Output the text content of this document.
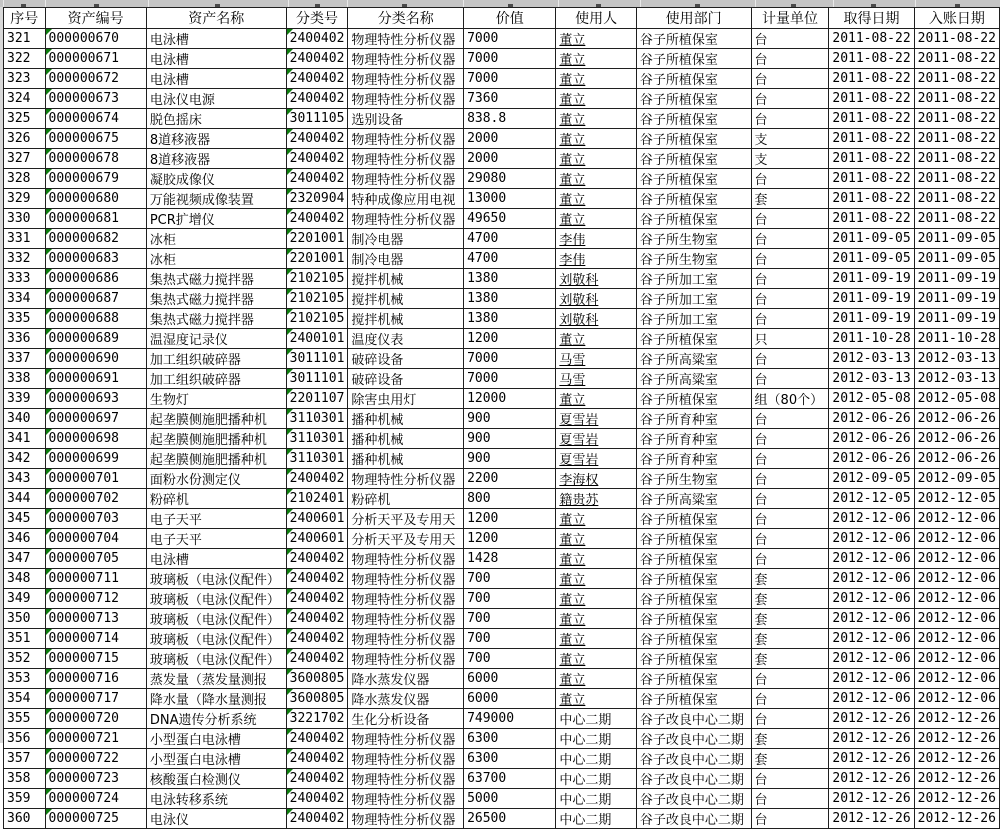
序号	资产编号	资产名称	分类号	分类名称	价值	使用人	使用部门	计量单位	取得日期	入账日期
321	000000670	电泳槽	2400402	物理特性分析仪器	7000	董立	谷子所植保室	台	2011-08-22	2011-08-22
322	000000671	电泳槽	2400402	物理特性分析仪器	7000	董立	谷子所植保室	台	2011-08-22	2011-08-22
323	000000672	电泳槽	2400402	物理特性分析仪器	7000	董立	谷子所植保室	台	2011-08-22	2011-08-22
324	000000673	电泳仪电源	2400402	物理特性分析仪器	7360	董立	谷子所植保室	台	2011-08-22	2011-08-22
325	000000674	脱色摇床	3011105	选别设备	838.8	董立	谷子所植保室	台	2011-08-22	2011-08-22
326	000000675	8道移液器	2400402	物理特性分析仪器	2000	董立	谷子所植保室	支	2011-08-22	2011-08-22
327	000000678	8道移液器	2400402	物理特性分析仪器	2000	董立	谷子所植保室	支	2011-08-22	2011-08-22
328	000000679	凝胶成像仪	2400402	物理特性分析仪器	29080	董立	谷子所植保室	台	2011-08-22	2011-08-22
329	000000680	万能视频成像装置	2320904	特种成像应用电视	13000	董立	谷子所植保室	套	2011-08-22	2011-08-22
330	000000681	PCR扩增仪	2400402	物理特性分析仪器	49650	董立	谷子所植保室	台	2011-08-22	2011-08-22
331	000000682	冰柜	2201001	制冷电器	4700	李伟	谷子所生物室	台	2011-09-05	2011-09-05
332	000000683	冰柜	2201001	制冷电器	4700	李伟	谷子所生物室	台	2011-09-05	2011-09-05
333	000000686	集热式磁力搅拌器	2102105	搅拌机械	1380	刘敬科	谷子所加工室	台	2011-09-19	2011-09-19
334	000000687	集热式磁力搅拌器	2102105	搅拌机械	1380	刘敬科	谷子所加工室	台	2011-09-19	2011-09-19
335	000000688	集热式磁力搅拌器	2102105	搅拌机械	1380	刘敬科	谷子所加工室	台	2011-09-19	2011-09-19
336	000000689	温湿度记录仪	2400101	温度仪表	1200	董立	谷子所植保室	只	2011-10-28	2011-10-28
337	000000690	加工组织破碎器	3011101	破碎设备	7000	马雪	谷子所高粱室	台	2012-03-13	2012-03-13
338	000000691	加工组织破碎器	3011101	破碎设备	7000	马雪	谷子所高粱室	台	2012-03-13	2012-03-13
339	000000693	生物灯	2201107	除害虫用灯	12000	董立	谷子所植保室	组（80个）	2012-05-08	2012-05-08
340	000000697	起垄膜侧施肥播种机	3110301	播种机械	900	夏雪岩	谷子所育种室	台	2012-06-26	2012-06-26
341	000000698	起垄膜侧施肥播种机	3110301	播种机械	900	夏雪岩	谷子所育种室	台	2012-06-26	2012-06-26
342	000000699	起垄膜侧施肥播种机	3110301	播种机械	900	夏雪岩	谷子所育种室	台	2012-06-26	2012-06-26
343	000000701	面粉水份测定仪	2400402	物理特性分析仪器	2200	李海权	谷子所生物室	台	2012-09-05	2012-09-05
344	000000702	粉碎机	2102401	粉碎机	800	籍贵苏	谷子所高粱室	台	2012-12-05	2012-12-05
345	000000703	电子天平	2400601	分析天平及专用天	1200	董立	谷子所植保室	台	2012-12-06	2012-12-06
346	000000704	电子天平	2400601	分析天平及专用天	1200	董立	谷子所植保室	台	2012-12-06	2012-12-06
347	000000705	电泳槽	2400402	物理特性分析仪器	1428	董立	谷子所植保室	台	2012-12-06	2012-12-06
348	000000711	玻璃板（电泳仪配件）	2400402	物理特性分析仪器	700	董立	谷子所植保室	套	2012-12-06	2012-12-06
349	000000712	玻璃板（电泳仪配件）	2400402	物理特性分析仪器	700	董立	谷子所植保室	套	2012-12-06	2012-12-06
350	000000713	玻璃板（电泳仪配件）	2400402	物理特性分析仪器	700	董立	谷子所植保室	套	2012-12-06	2012-12-06
351	000000714	玻璃板（电泳仪配件）	2400402	物理特性分析仪器	700	董立	谷子所植保室	套	2012-12-06	2012-12-06
352	000000715	玻璃板（电泳仪配件）	2400402	物理特性分析仪器	700	董立	谷子所植保室	套	2012-12-06	2012-12-06
353	000000716	蒸发量（蒸发量测报	3600805	降水蒸发仪器	6000	董立	谷子所植保室	台	2012-12-06	2012-12-06
354	000000717	降水量（降水量测报	3600805	降水蒸发仪器	6000	董立	谷子所植保室	台	2012-12-06	2012-12-06
355	000000720	DNA遗传分析系统	3221702	生化分析设备	749000	中心二期	谷子改良中心二期	台	2012-12-26	2012-12-26
356	000000721	小型蛋白电泳槽	2400402	物理特性分析仪器	6300	中心二期	谷子改良中心二期	套	2012-12-26	2012-12-26
357	000000722	小型蛋白电泳槽	2400402	物理特性分析仪器	6300	中心二期	谷子改良中心二期	套	2012-12-26	2012-12-26
358	000000723	核酸蛋白检测仪	2400402	物理特性分析仪器	63700	中心二期	谷子改良中心二期	台	2012-12-26	2012-12-26
359	000000724	电泳转移系统	2400402	物理特性分析仪器	5000	中心二期	谷子改良中心二期	台	2012-12-26	2012-12-26
360	000000725	电泳仪	2400402	物理特性分析仪器	26500	中心二期	谷子改良中心二期	台	2012-12-26	2012-12-26
